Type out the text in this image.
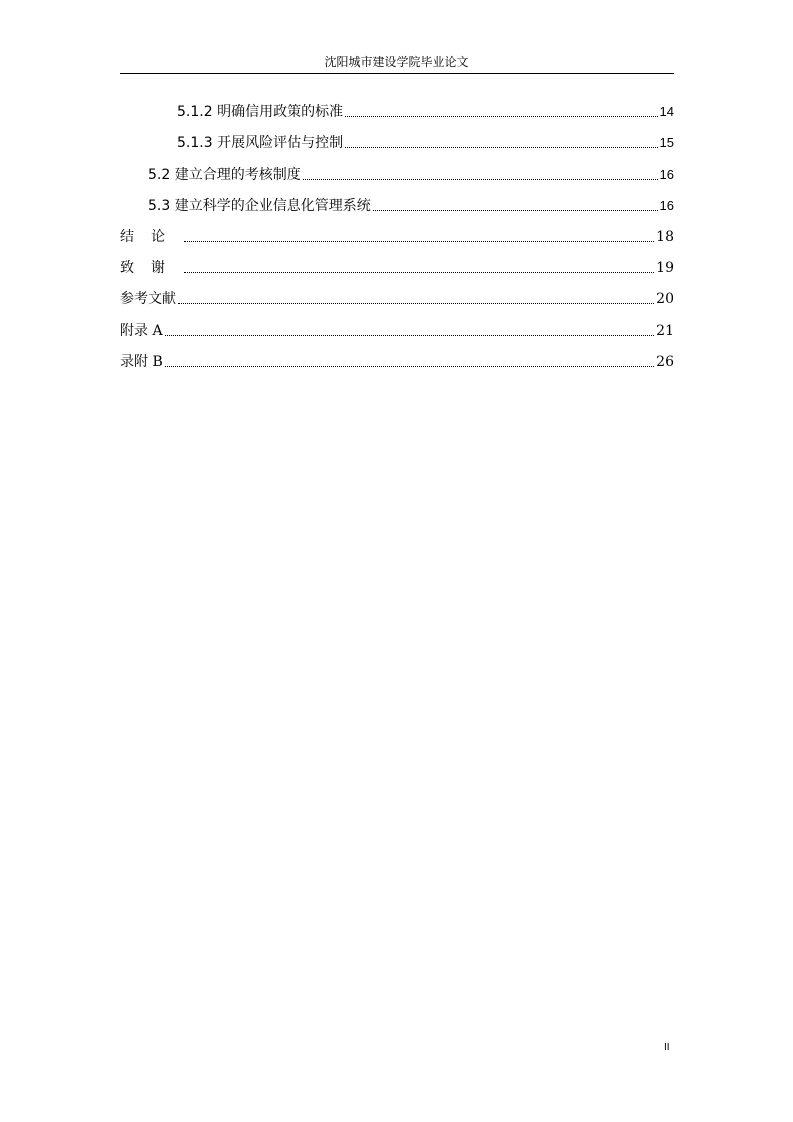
沈阳城市建设学院毕业论文
5.1.2 明确信用政策的标准	14
5.1.3 开展风险评估与控制	15
5.2 建立合理的考核制度	16
5.3 建立科学的企业信息化管理系统	16
结论	18
致谢	19
参考文献	20
附录 A	21
录附 B	26
II
